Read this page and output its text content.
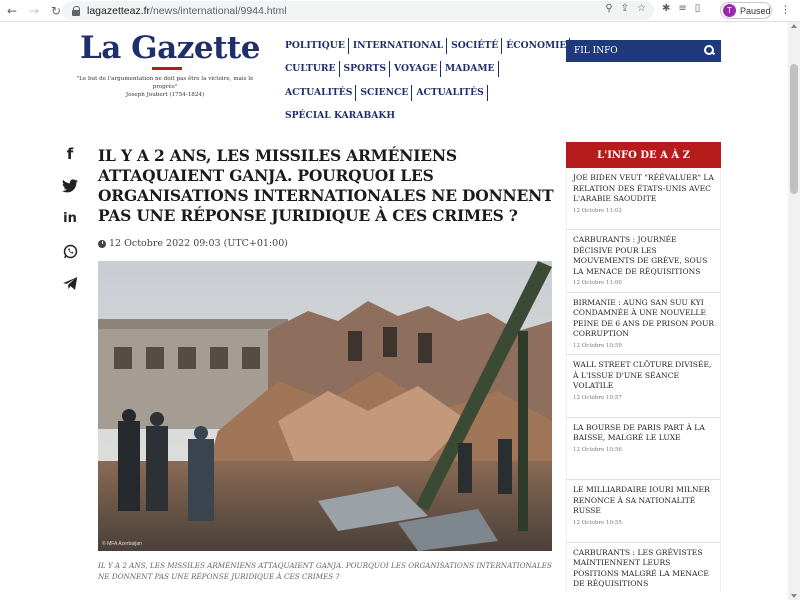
← → ↻	lagazetteaz.fr/news/international/9944.html	⚲ ⇪ ☆ ✱ ≡ ▯	T Paused ⋮
La Gazette
"Le but de l'argumentation ne doit pas être la victoire, mais le progrès"
Joseph Joubert (1754-1824)
POLITIQUE INTERNATIONAL SOCIÉTÉ ÉCONOMIE
CULTURE SPORTS VOYAGE MADAME
ACTUALITÉS SCIENCE ACTUALITÉS
SPÉCIAL KARABAKH
FIL INFO
f
in
IL Y A 2 ANS, LES MISSILES ARMÉNIENS ATTAQUAIENT GANJA. POURQUOI LES ORGANISATIONS INTERNATIONALES NE DONNENT PAS UNE RÉPONSE JURIDIQUE À CES CRIMES ?
12 Octobre 2022 09:03 (UTC+01:00)
© MFA Azerbaijan

IL Y A 2 ANS, LES MISSILES ARMÉNIENS ATTAQUAIENT GANJA. POURQUOI LES ORGANISATIONS INTERNATIONALES NE DONNENT PAS UNE RÉPONSE JURIDIQUE À CES CRIMES ?

L'INFO DE A À Z
JOE BIDEN VEUT "RÉÉVALUER" LA RELATION DES ÉTATS-UNIS AVEC L'ARABIE SAOUDITE
12 Octobre 11:02
CARBURANTS : JOURNÉE DÉCISIVE POUR LES MOUVEMENTS DE GRÈVE, SOUS LA MENACE DE RÉQUISITIONS
12 Octobre 11:00
BIRMANIE : AUNG SAN SUU KYI CONDAMNÉE À UNE NOUVELLE PEINE DE 6 ANS DE PRISON POUR CORRUPTION
12 Octobre 10:59
WALL STREET CLÔTURE DIVISÉE, À L'ISSUE D'UNE SÉANCE VOLATILE
12 Octobre 10:57
LA BOURSE DE PARIS PART À LA BAISSE, MALGRÉ LE LUXE
12 Octobre 10:56
LE MILLIARDAIRE IOURI MILNER RENONCE À SA NATIONALITÉ RUSSE
12 Octobre 10:55
CARBURANTS : LES GRÉVISTES MAINTIENNENT LEURS POSITIONS MALGRÉ LA MENACE DE RÉQUISITIONS
